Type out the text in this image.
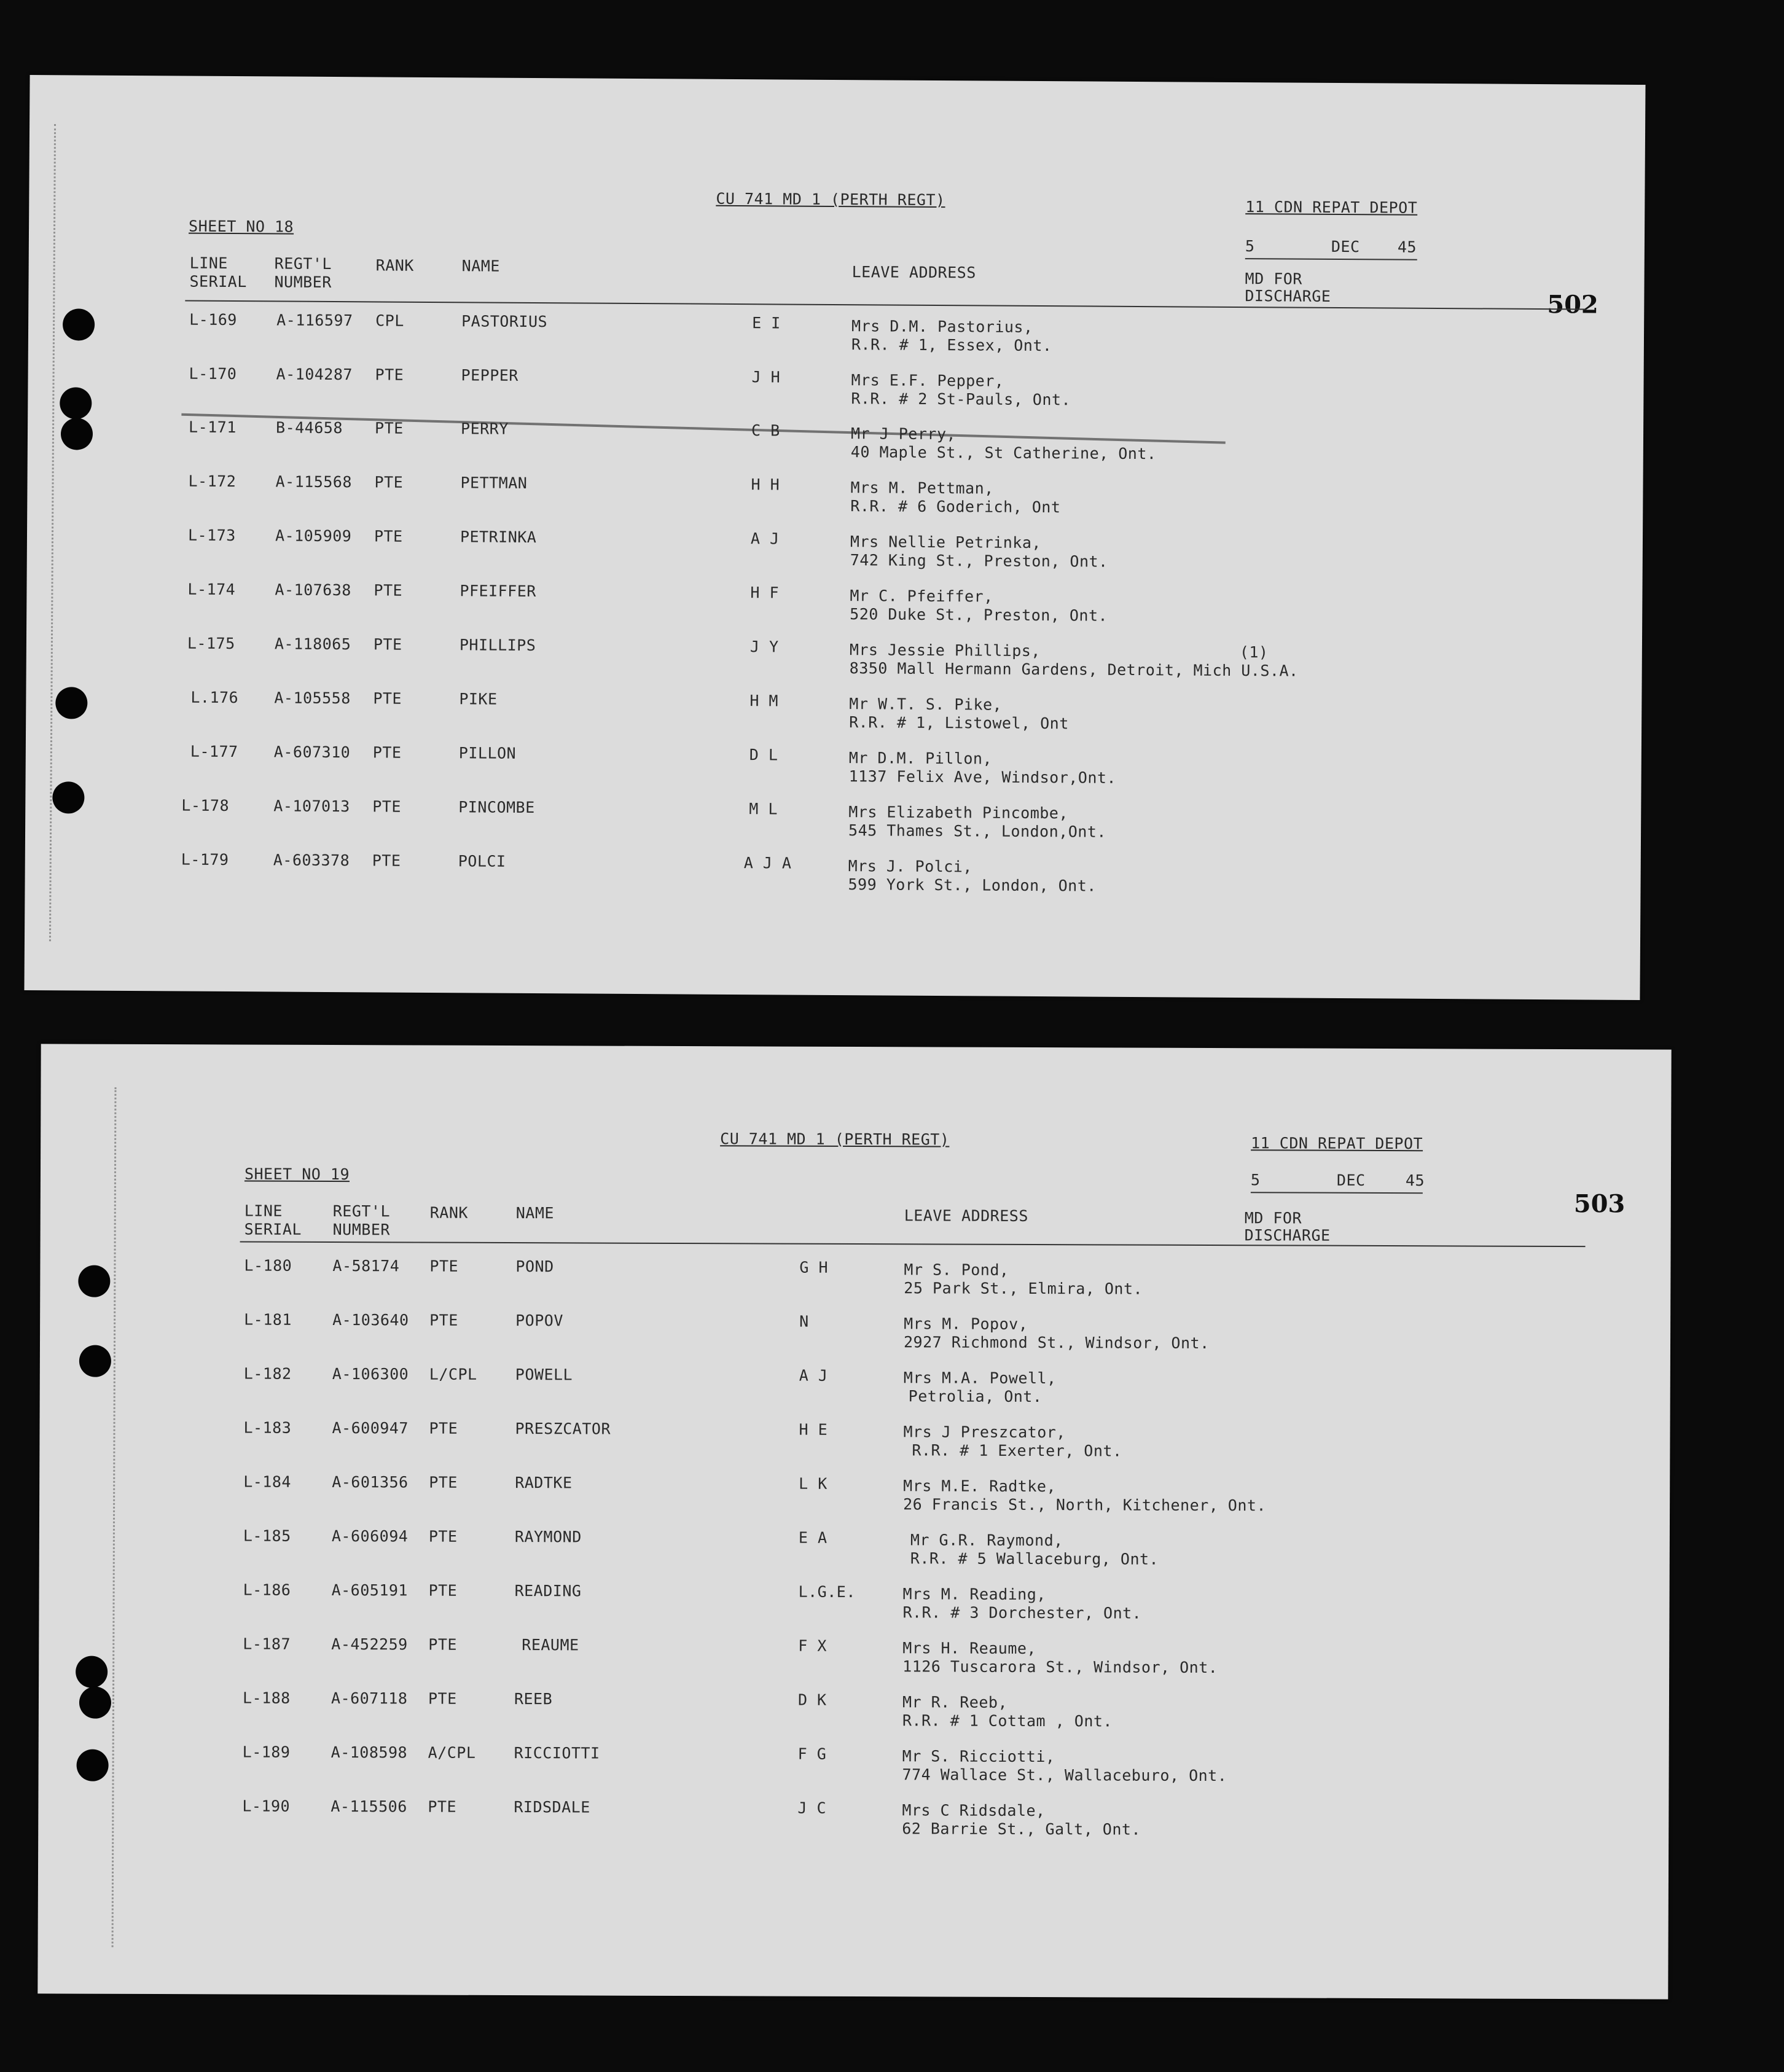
CU 741 MD 1 (PERTH REGT)	11 CDN REPAT DEPOT
5	DEC 45
SHEET NO 18
502
LINE
SERIAL
REGT'L
NUMBER
RANK	NAME	LEAVE ADDRESS	MD FOR
DISCHARGE
L-169	A-116597 CPL	PASTORIUS	E I	Mrs D.M. Pastorius,
R.R. # 1, Essex, Ont.
L-170	A-104287 PTE	PEPPER	J H	Mrs E.F. Pepper,
R.R. # 2 St-Pauls, Ont.
L-171	B-44658 PTE	PERRY	C B	Mr J Perry,
40 Maple St., St Catherine, Ont.
L-172	A-115568 PTE	PETTMAN	H H	Mrs M. Pettman,
R.R. # 6 Goderich, Ont
L-173	A-105909 PTE	PETRINKA	A J	Mrs Nellie Petrinka,
742 King St., Preston, Ont.
L-174	A-107638 PTE	PFEIFFER	H F	Mr C. Pfeiffer,
520 Duke St., Preston, Ont.
L-175	A-118065 PTE	PHILLIPS	J Y	Mrs Jessie Phillips,
8350 Mall Hermann Gardens, Detroit, Mich U.S.A.
(1)
L.176 A-105558 PTE	PIKE	H M	Mr W.T. S. Pike,
R.R. # 1, Listowel, Ont
L-177 A-607310 PTE	PILLON	D L	Mr D.M. Pillon,
1137 Felix Ave, Windsor,Ont.
L-178	A-107013 PTE	PINCOMBE	M L	Mrs Elizabeth Pincombe,
545 Thames St., London,Ont.
L-179	A-603378 PTE	POLCI	A J A	Mrs J. Polci,
599 York St., London, Ont.
CU 741 MD 1 (PERTH REGT)	11 CDN REPAT DEPOT
5	DEC	45
SHEET NO 19
503
LINE
SERIAL
REGT'L
NUMBER
RANK	NAME	LEAVE ADDRESS	MD FOR
DISCHARGE
L-180	A-58174 PTE	POND	G H	Mr S. Pond,
25 Park St., Elmira, Ont.
L-181	A-103640 PTE	POPOV	N	Mrs M. Popov,
2927 Richmond St., Windsor, Ont.
L-182	A-106300 L/CPL POWELL	A J	Mrs M.A. Powell,
Petrolia, Ont.
L-183	A-600947 PTE	PRESZCATOR	H E	Mrs J Preszcator,
R.R. # 1 Exerter, Ont.
L-184	A-601356 PTE	RADTKE	L K	Mrs M.E. Radtke,
26 Francis St., North, Kitchener, Ont.
L-185	A-606094 PTE	RAYMOND	E A	Mr G.R. Raymond,
R.R. # 5 Wallaceburg, Ont.
L-186	A-605191 PTE	READING	L.G.E.	Mrs M. Reading,
R.R. # 3 Dorchester, Ont.
L-187	A-452259 PTE	REAUME	F X	Mrs H. Reaume,
1126 Tuscarora St., Windsor, Ont.
L-188	A-607118 PTE	REEB	D K	Mr R. Reeb,
R.R. # 1 Cottam , Ont.
L-189	A-108598 A/CPL RICCIOTTI	F G	Mr S. Ricciotti,
774 Wallace St., Wallaceburo, Ont.
L-190	A-115506 PTE	RIDSDALE	J C	Mrs C Ridsdale,
62 Barrie St., Galt, Ont.
